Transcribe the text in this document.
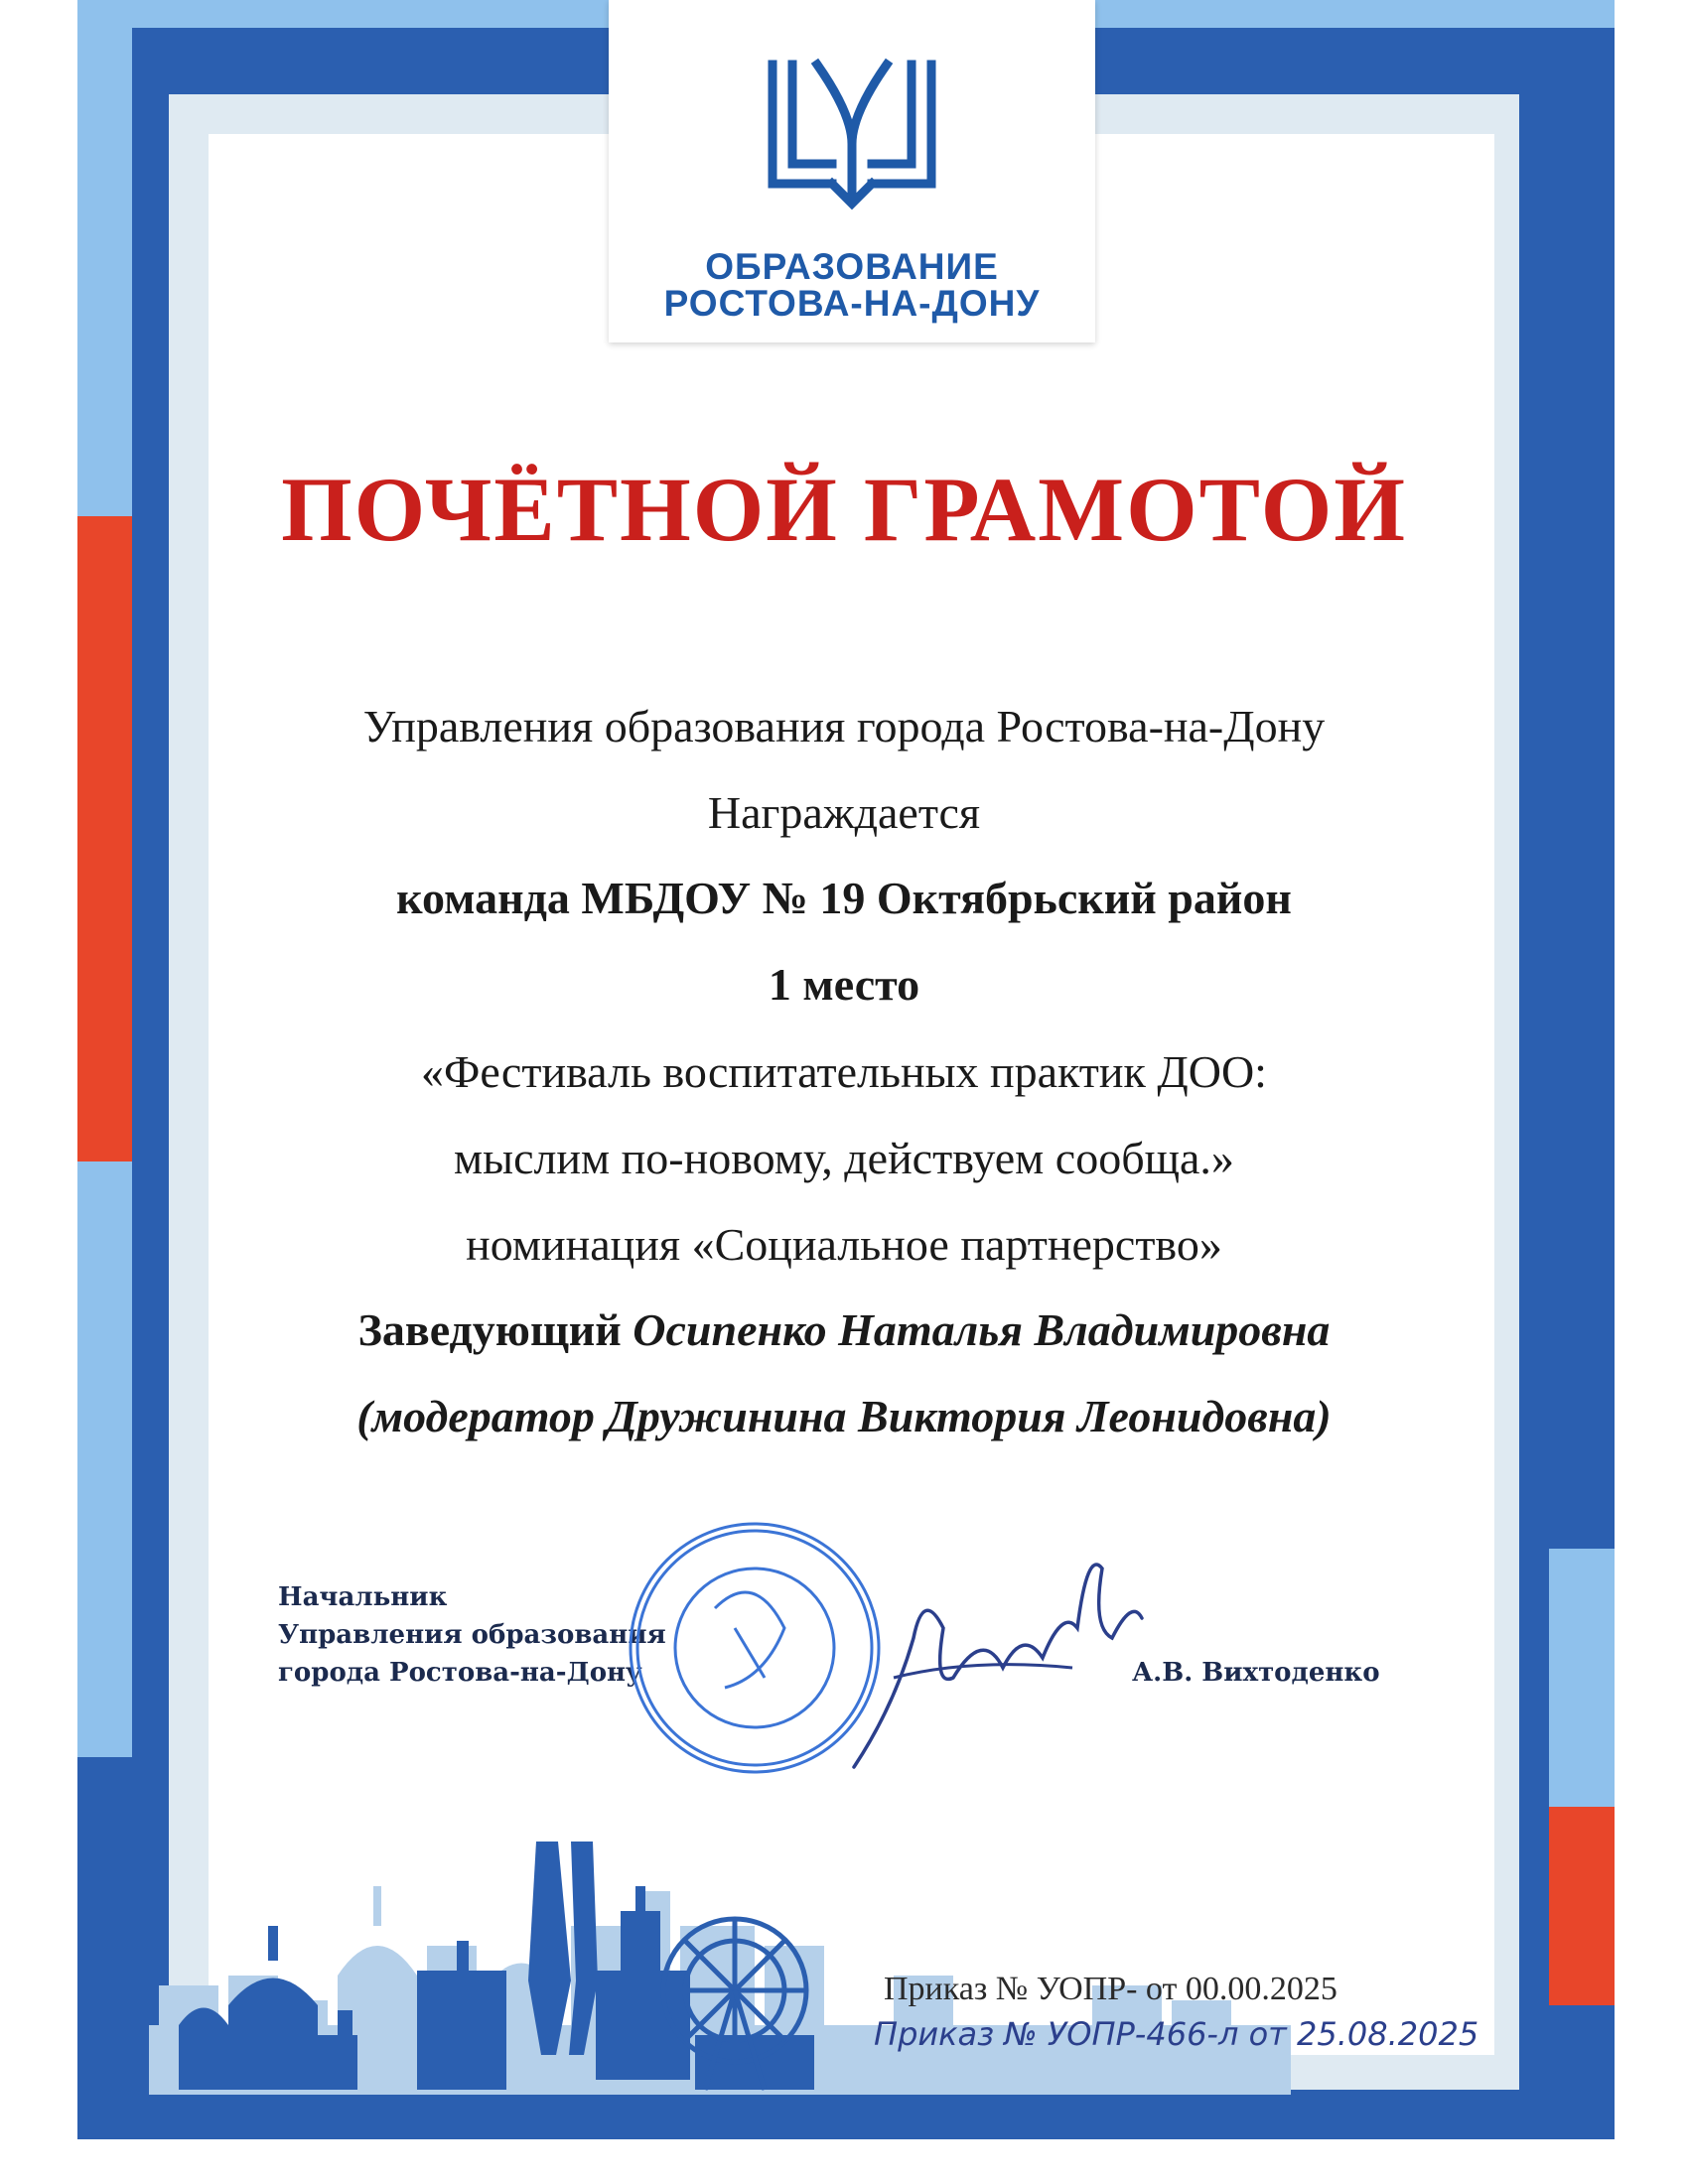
ОБРАЗОВАНИЕ
РОСТОВА-НА-ДОНУ
ПОЧЁТНОЙ ГРАМОТОЙ
Управления образования города Ростова-на-Дону
Награждается
команда МБДОУ № 19 Октябрьский район
1 место
«Фестиваль воспитательных практик ДОО:
мыслим по-новому, действуем сообща.»
номинация «Социальное партнерство»
Заведующий Осипенко Наталья Владимировна
(модератор Дружинина Виктория Леонидовна)
Начальник
Управления образования
города Ростова-на-Дону	А.В. Вихтоденко
Приказ № УОПР- от 00.00.2025
Приказ № УОПР-466-л от 25.08.2025
